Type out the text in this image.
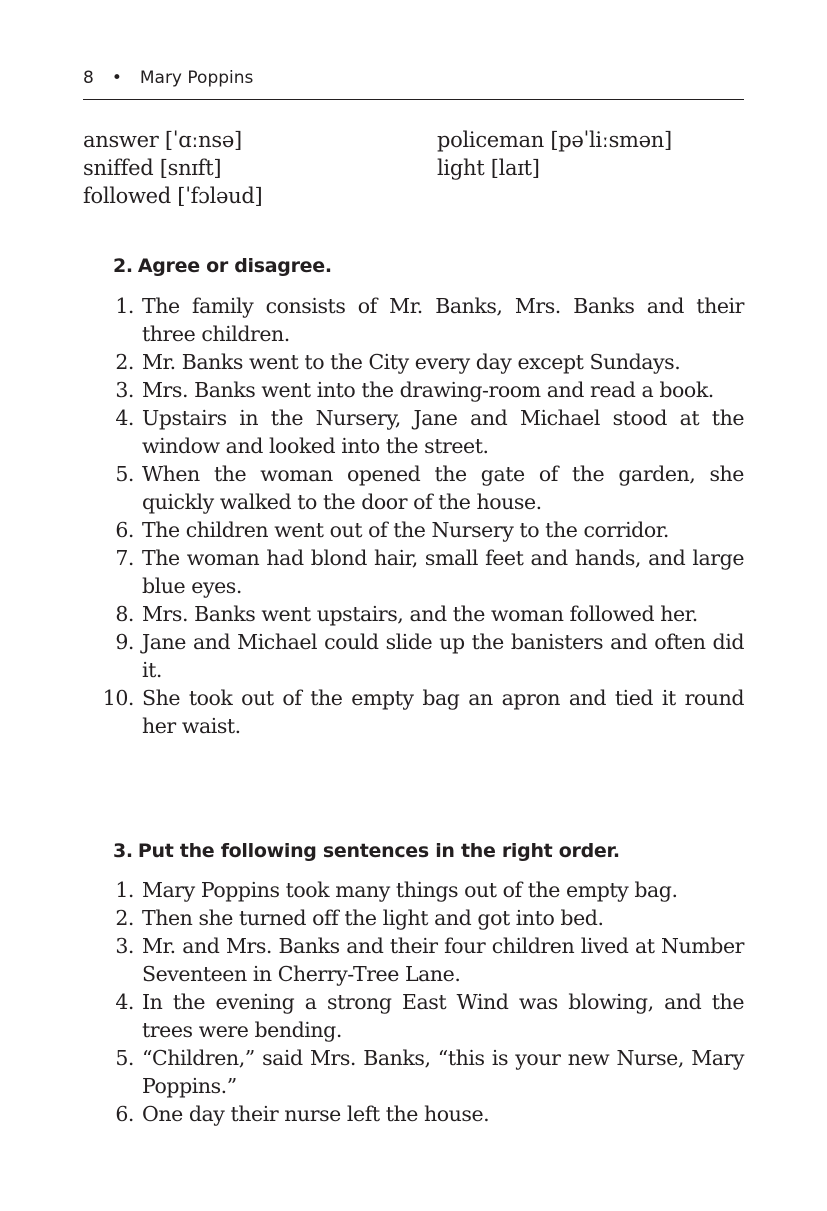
8 • Mary Poppins
answer [ˈɑːnsə]
sniffed [snɪft]
followed [ˈfɔləud]
policeman [pəˈliːsmən]
light [laɪt]
2. Agree or disagree.
1. The family consists of Mr. Banks, Mrs. Banks and their three children.
2. Mr. Banks went to the City every day except Sundays.
3. Mrs. Banks went into the drawing-room and read a book.
4. Upstairs in the Nursery, Jane and Michael stood at the window and looked into the street.
5. When the woman opened the gate of the garden, she quickly walked to the door of the house.
6. The children went out of the Nursery to the corridor.
7. The woman had blond hair, small feet and hands, and large blue eyes.
8. Mrs. Banks went upstairs, and the woman followed her.
9. Jane and Michael could slide up the banisters and often did it.
10. She took out of the empty bag an apron and tied it round her waist.
3. Put the following sentences in the right order.
1. Mary Poppins took many things out of the empty bag.
2. Then she turned off the light and got into bed.
3. Mr. and Mrs. Banks and their four children lived at Number Seventeen in Cherry-Tree Lane.
4. In the evening a strong East Wind was blowing, and the trees were bending.
5. “Children,” said Mrs. Banks, “this is your new Nurse, Mary Poppins.”
6. One day their nurse left the house.
